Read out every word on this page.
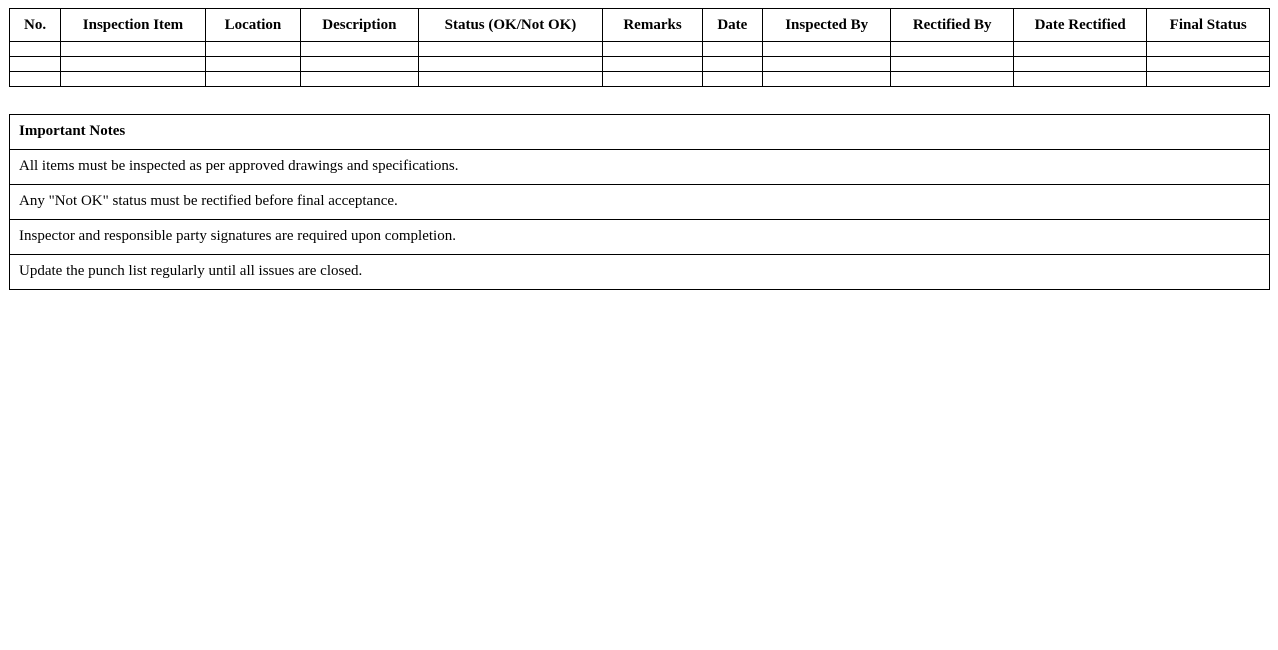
No.	Inspection Item	Location	Description	Status (OK/Not OK)	Remarks	Date	Inspected By	Rectified By	Date Rectified	Final Status

Important Notes
All items must be inspected as per approved drawings and specifications.
Any "Not OK" status must be rectified before final acceptance.
Inspector and responsible party signatures are required upon completion.
Update the punch list regularly until all issues are closed.
